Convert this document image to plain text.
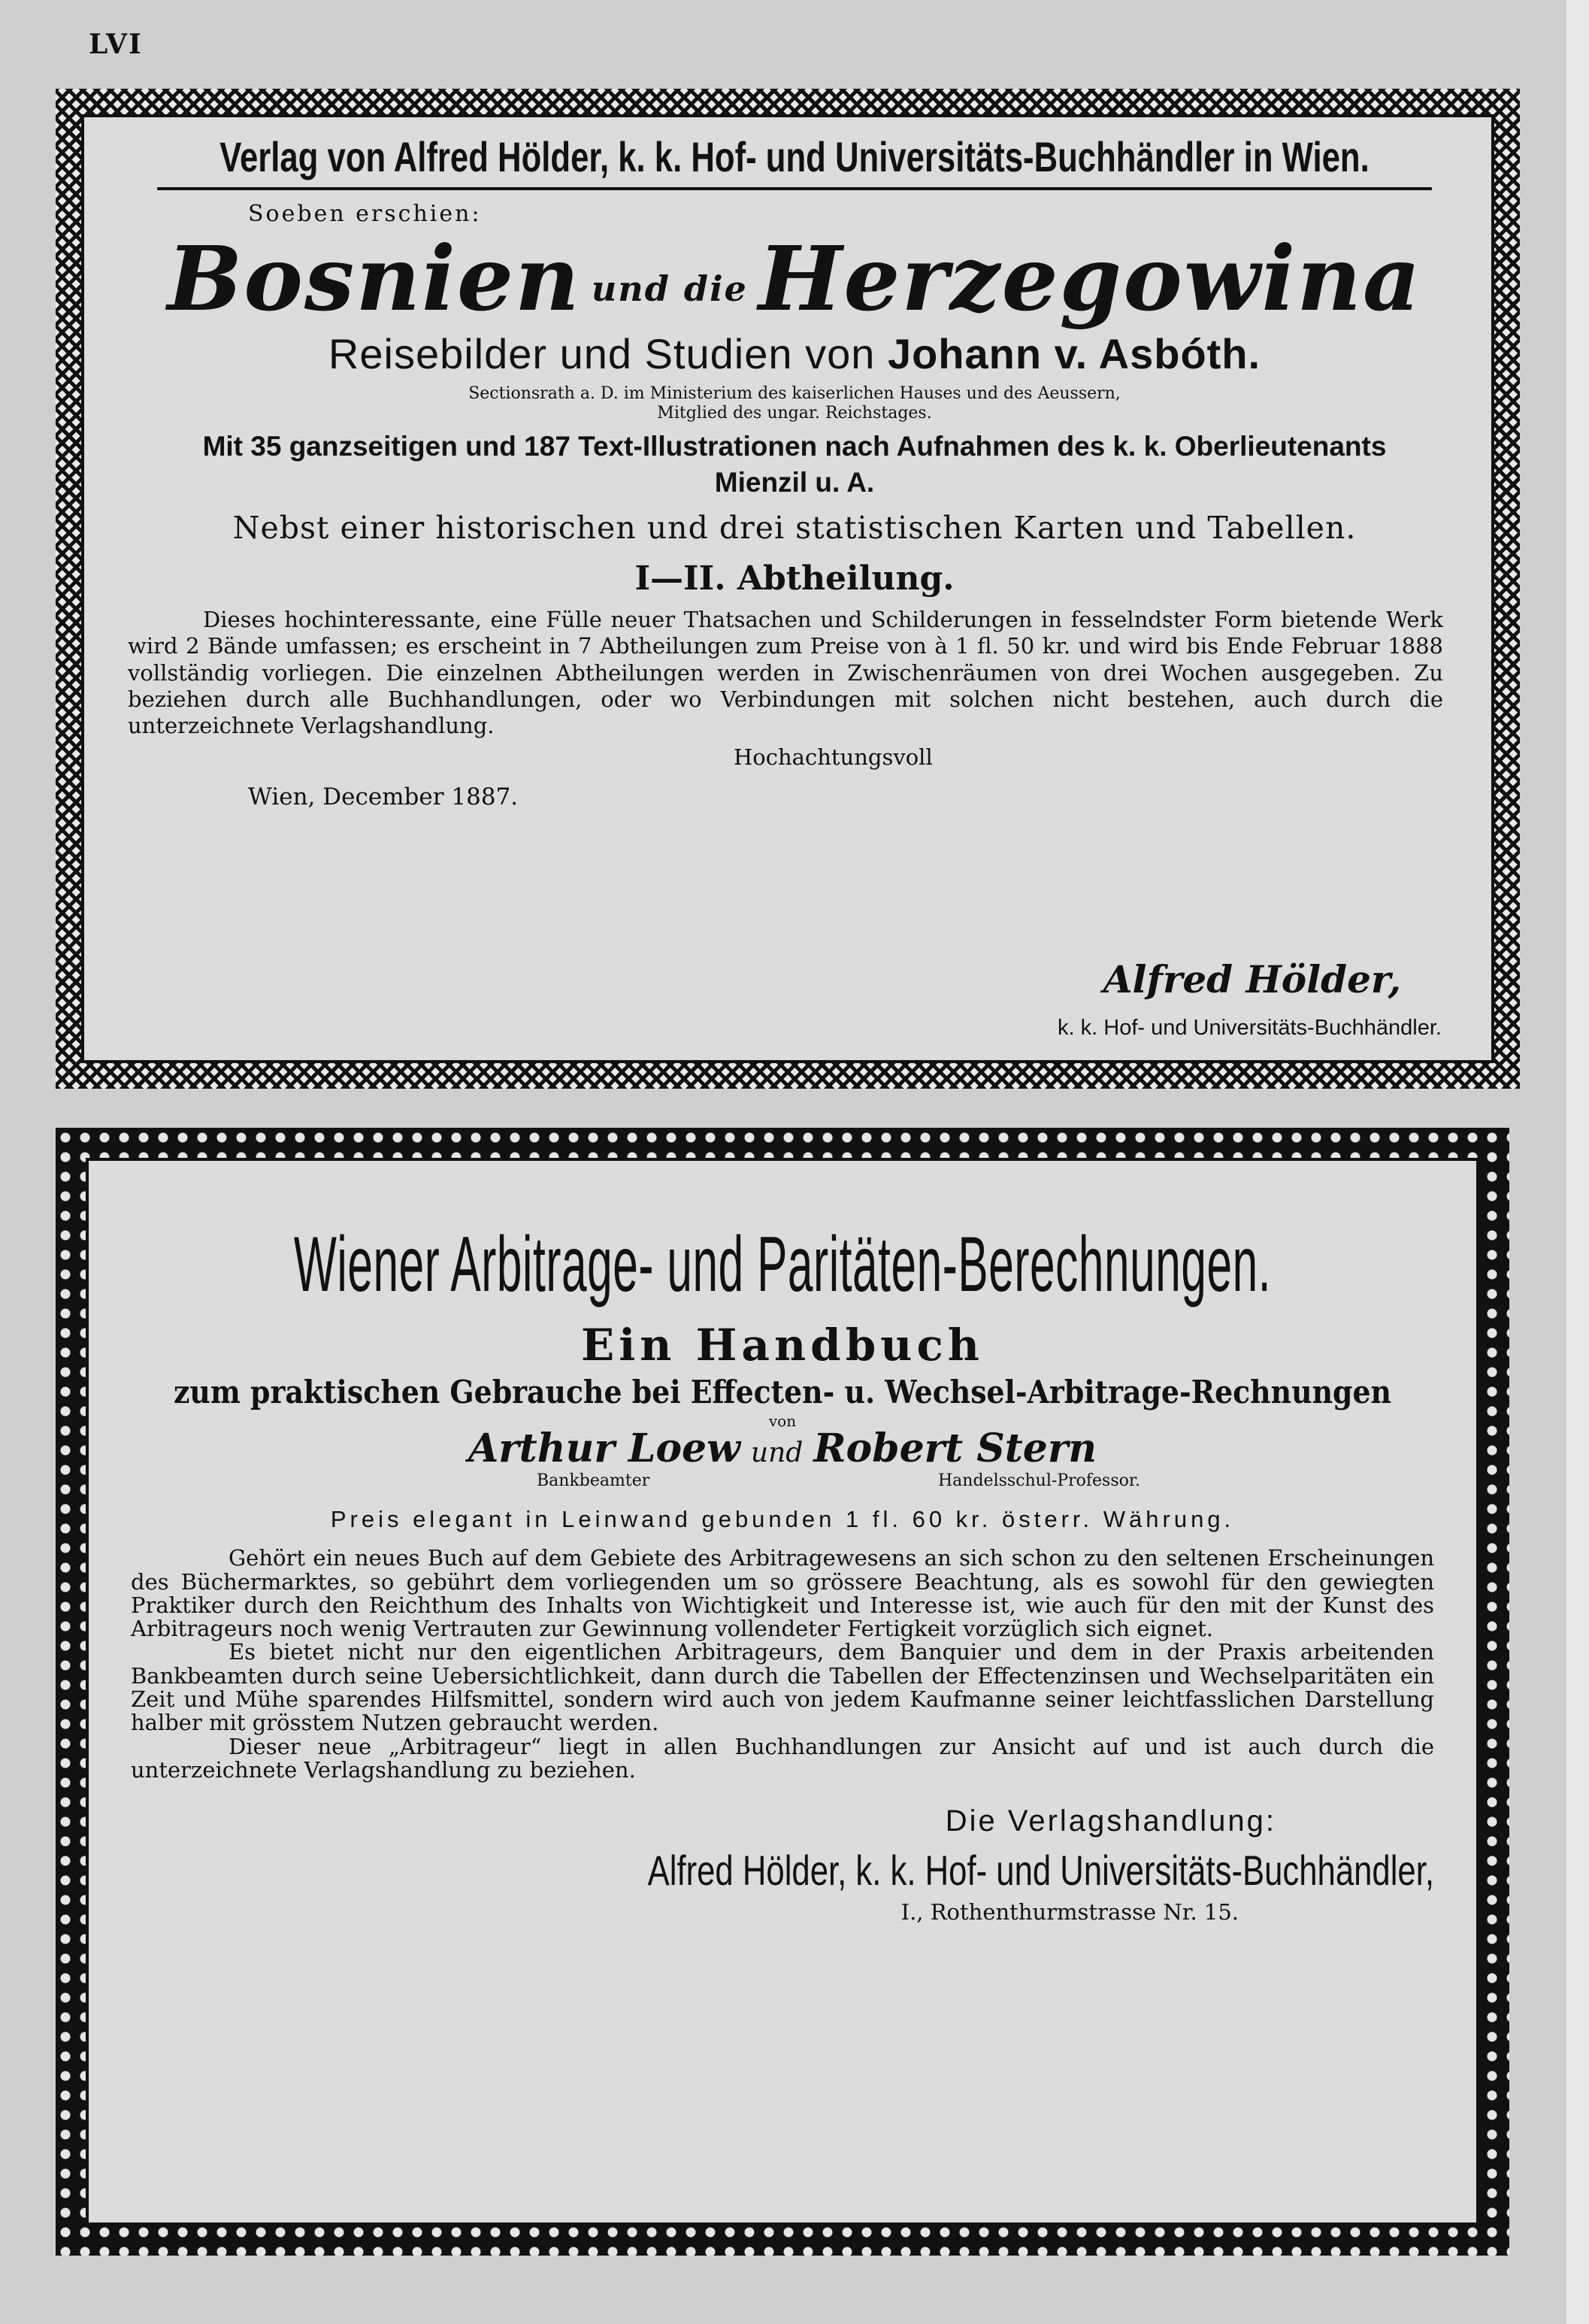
LVI
Verlag von Alfred Hölder, k. k. Hof- und Universitäts-Buchhändler in Wien.
Soeben erschien:
Bosnien und die Herzegowina
Reisebilder und Studien von Johann v. Asbóth.
Sectionsrath a. D. im Ministerium des kaiserlichen Hauses und des Aeussern,
Mitglied des ungar. Reichstages.
Mit 35 ganzseitigen und 187 Text-Illustrationen nach Aufnahmen des k. k. Oberlieutenants
Mienzil u. A.
Nebst einer historischen und drei statistischen Karten und Tabellen.
I—II. Abtheilung.
Dieses hochinteressante, eine Fülle neuer Thatsachen und Schilderungen in fesselndster Form bietende Werk wird 2 Bände umfassen; es erscheint in 7 Abtheilungen zum Preise von à 1 fl. 50 kr. und wird bis Ende Februar 1888 vollständig vorliegen. Die einzelnen Abtheilungen werden in Zwischenräumen von drei Wochen ausgegeben. Zu beziehen durch alle Buchhandlungen, oder wo Verbindungen mit solchen nicht bestehen, auch durch die unterzeichnete Verlagshandlung.
Hochachtungsvoll
Wien, December 1887.
Alfred Hölder,
k. k. Hof- und Universitäts-Buchhändler.
Wiener Arbitrage- und Paritäten-Berechnungen.
Ein Handbuch
zum praktischen Gebrauche bei Effecten- u. Wechsel-Arbitrage-Rechnungen
von
Arthur Loew und Robert Stern
Bankbeamter	Handelsschul-Professor.
Preis elegant in Leinwand gebunden 1 fl. 60 kr. österr. Währung.

Gehört ein neues Buch auf dem Gebiete des Arbitragewesens an sich schon zu den seltenen Erscheinungen des Büchermarktes, so gebührt dem vorliegenden um so grössere Beachtung, als es sowohl für den gewiegten Praktiker durch den Reichthum des Inhalts von Wichtigkeit und Interesse ist, wie auch für den mit der Kunst des Arbitrageurs noch wenig Vertrauten zur Gewinnung vollendeter Fertigkeit vorzüglich sich eignet.

Es bietet nicht nur den eigentlichen Arbitrageurs, dem Banquier und dem in der Praxis arbeitenden Bankbeamten durch seine Uebersichtlichkeit, dann durch die Tabellen der Effectenzinsen und Wechselparitäten ein Zeit und Mühe sparendes Hilfsmittel, sondern wird auch von jedem Kaufmanne seiner leichtfasslichen Darstellung halber mit grösstem Nutzen gebraucht werden.

Dieser neue „Arbitrageur“ liegt in allen Buchhandlungen zur Ansicht auf und ist auch durch die unterzeichnete Verlagshandlung zu beziehen.

Die Verlagshandlung:
Alfred Hölder, k. k. Hof- und Universitäts-Buchhändler,
I., Rothenthurmstrasse Nr. 15.
